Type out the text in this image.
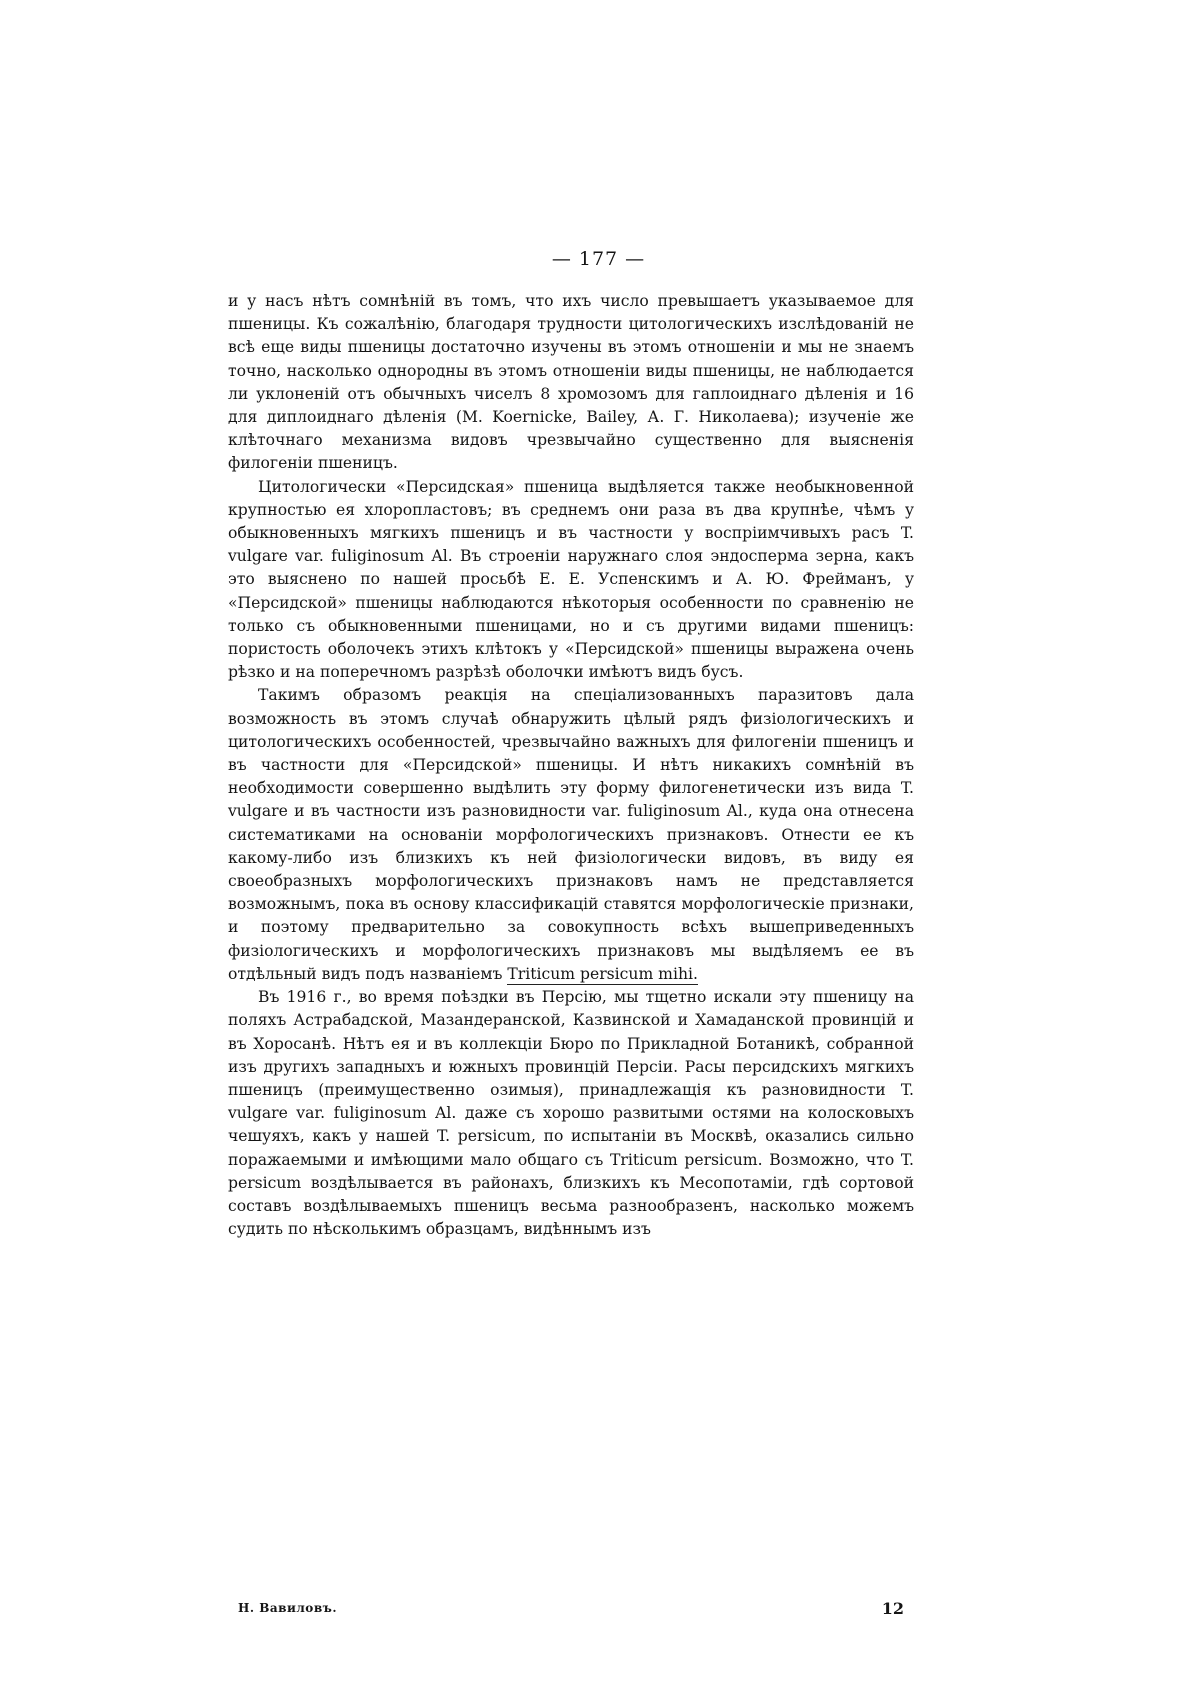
— 177 —

и у насъ нѣтъ сомнѣній въ томъ, что ихъ число превышаетъ указываемое для пшеницы. Къ сожалѣнію, благодаря трудности цитологическихъ изслѣдованій не всѣ еще виды пшеницы достаточно изучены въ этомъ отношеніи и мы не знаемъ точно, насколько однородны въ этомъ отношеніи виды пшеницы, не наблюдается ли уклоненій отъ обычныхъ чиселъ 8 хромозомъ для гаплоиднаго дѣленія и 16 для диплоиднаго дѣленія (M. Koernicke, Bailey, А. Г. Николаева); изученіе же клѣточнаго механизма видовъ чрезвычайно существенно для выясненія филогеніи пшеницъ.

Цитологически «Персидская» пшеница выдѣляется также необыкновенной крупностью ея хлоропластовъ; въ среднемъ они раза въ два крупнѣе, чѣмъ у обыкновенныхъ мягкихъ пшеницъ и въ частности у воспріимчивыхъ расъ T. vulgare var. fuliginosum Al. Въ строеніи наружнаго слоя эндосперма зерна, какъ это выяснено по нашей просьбѣ Е. Е. Успенскимъ и А. Ю. Фрейманъ, у «Персидской» пшеницы наблюдаются нѣкоторыя особенности по сравненію не только съ обыкновенными пшеницами, но и съ другими видами пшеницъ: пористость оболочекъ этихъ клѣтокъ у «Персидской» пшеницы выражена очень рѣзко и на поперечномъ разрѣзѣ оболочки имѣютъ видъ бусъ.

Такимъ образомъ реакція на спеціализованныхъ паразитовъ дала возможность въ этомъ случаѣ обнаружить цѣлый рядъ физіологическихъ и цитологическихъ особенностей, чрезвычайно важныхъ для филогеніи пшеницъ и въ частности для «Персидской» пшеницы. И нѣтъ никакихъ сомнѣній въ необходимости совершенно выдѣлить эту форму филогенетически изъ вида T. vulgare и въ частности изъ разновидности var. fuliginosum Al., куда она отнесена систематиками на основаніи морфологическихъ признаковъ. Отнести ее къ какому-либо изъ близкихъ къ ней физіологически видовъ, въ виду ея своеобразныхъ морфологическихъ признаковъ намъ не представляется возможнымъ, пока въ основу классификацій ставятся морфологическіе признаки, и поэтому предварительно за совокупность всѣхъ вышеприведенныхъ физіологическихъ и морфологическихъ признаковъ мы выдѣляемъ ее въ отдѣльный видъ подъ названіемъ Triticum persicum mihi.

Въ 1916 г., во время поѣздки въ Персію, мы тщетно искали эту пшеницу на поляхъ Астрабадской, Мазандеранской, Казвинской и Хамаданской провинцій и въ Хоросанѣ. Нѣтъ ея и въ коллекціи Бюро по Прикладной Ботаникѣ, собранной изъ другихъ западныхъ и южныхъ провинцій Персіи. Расы персидскихъ мягкихъ пшеницъ (преимущественно озимыя), принадлежащія къ разновидности T. vulgare var. fuliginosum Al. даже съ хорошо развитыми остями на колосковыхъ чешуяхъ, какъ у нашей T. persicum, по испытаніи въ Москвѣ, оказались сильно поражаемыми и имѣющими мало общаго съ Triticum persicum. Возможно, что T. persicum воздѣлывается въ районахъ, близкихъ къ Месопотаміи, гдѣ сортовой составъ воздѣлываемыхъ пшеницъ весьма разнообразенъ, насколько можемъ судить по нѣсколькимъ образцамъ, видѣннымъ изъ

Н. Вавиловъ.	12
